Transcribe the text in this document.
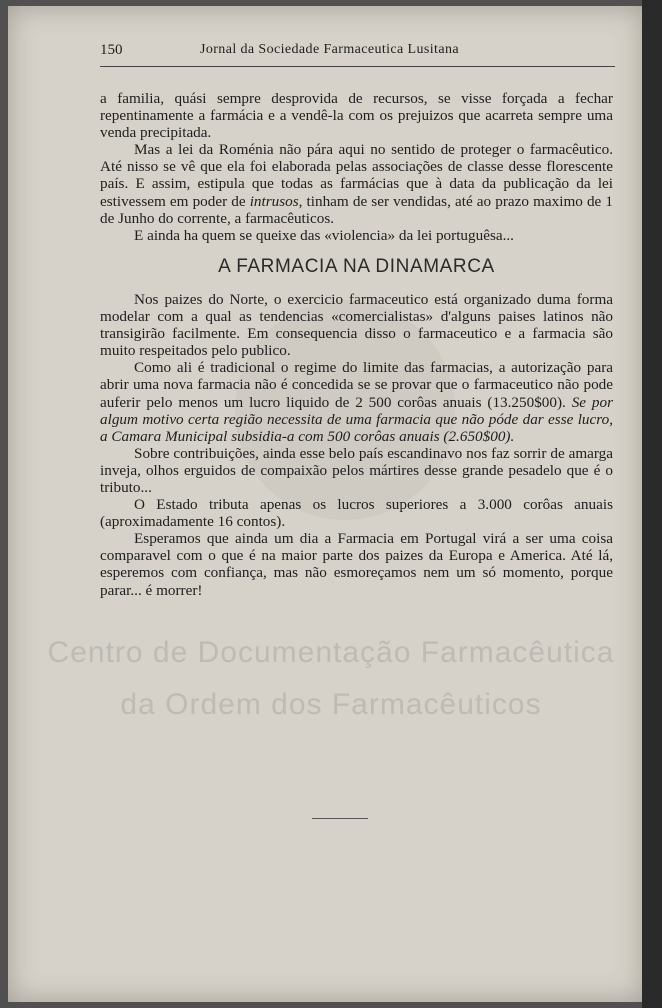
150	Jornal da Sociedade Farmaceutica Lusitana

a familia, quási sempre desprovida de recursos, se visse forçada a fechar repentinamente a farmácia e a vendê-la com os prejuizos que acarreta sempre uma venda precipitada.

Mas a lei da Roménia não pára aqui no sentido de proteger o farmacêutico. Até nisso se vê que ela foi elaborada pelas associações de classe desse florescente país. E assim, estipula que todas as farmácias que à data da publicação da lei estivessem em poder de intrusos, tinham de ser vendidas, até ao prazo maximo de 1 de Junho do corrente, a farmacêuticos.

E ainda ha quem se queixe das «violencia» da lei portuguêsa...

A FARMACIA NA DINAMARCA

Nos paizes do Norte, o exercicio farmaceutico está organizado duma forma modelar com a qual as tendencias «comercialistas» d'alguns paises latinos não transigirão facilmente. Em consequencia disso o farmaceutico e a farmacia são muito respeitados pelo publico.

Como ali é tradicional o regime do limite das farmacias, a autorização para abrir uma nova farmacia não é concedida se se provar que o farmaceutico não pode auferir pelo menos um lucro liquido de 2 500 corôas anuais (13.250$00). Se por algum motivo certa região necessita de uma farmacia que não póde dar esse lucro, a Camara Municipal subsidia-a com 500 corôas anuais (2.650$00).

Sobre contribuições, ainda esse belo país escandinavo nos faz sorrir de amarga inveja, olhos erguidos de compaixão pelos mártires desse grande pesadelo que é o tributo...

O Estado tributa apenas os lucros superiores a 3.000 corôas anuais (aproximadamente 16 contos).

Esperamos que ainda um dia a Farmacia em Portugal virá a ser uma coisa comparavel com o que é na maior parte dos paizes da Europa e America. Até lá, esperemos com confiança, mas não esmoreçamos nem um só momento, porque parar... é morrer!

Centro de Documentação Farmacêutica
da Ordem dos Farmacêuticos
